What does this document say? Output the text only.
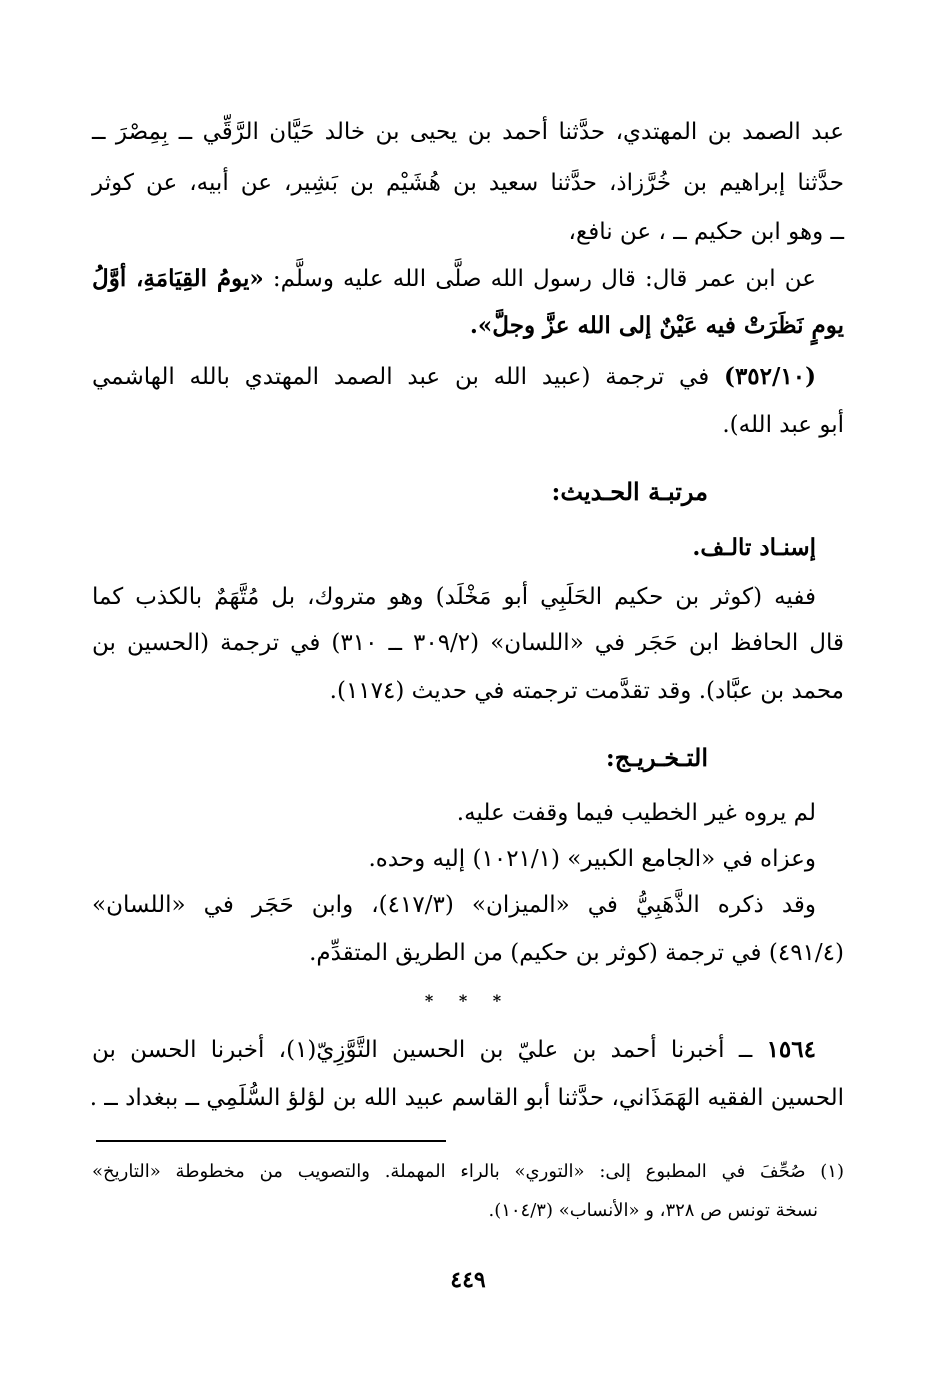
عبد الصمد بن المهتدي، حدَّثنا أحمد بن يحيى بن خالد حَيَّان الرَّقِّي ــ بِمِصْرَ ــ
حدَّثنا إبراهيم بن خُرَّزاذ، حدَّثنا سعيد بن هُشَيْم بن بَشِير، عن أبيه، عن كوثر
ــ وهو ابن حكيم ــ ، عن نافع،
عن ابن عمر قال: قال رسول الله صلَّى الله عليه وسلَّم: «يومُ القِيَامَةِ، أوَّلُ
يومٍ نَظَرَتْ فيه عَيْنٌ إلى الله عزَّ وجلَّ».
(٣٥٢/١٠) في ترجمة (عبيد الله بن عبد الصمد المهتدي بالله الهاشمي
أبو عبد الله).
مرتبـة الحـديث:
إسنـاد تالـف.
ففيه (كوثر بن حكيم الحَلَبِي أبو مَخْلَد) وهو متروك، بل مُتَّهَمٌ بالكذب كما
قال الحافظ ابن حَجَر في «اللسان» (٣٠٩/٢ ــ ٣١٠) في ترجمة (الحسين بن
محمد بن عبَّاد). وقد تقدَّمت ترجمته في حديث (١١٧٤).
التـخـريـج:
لم يروه غير الخطيب فيما وقفت عليه.
وعزاه في «الجامع الكبير» (١٠٢١/١) إليه وحده.
وقد ذكره الذَّهَبِيُّ في «الميزان» (٤١٧/٣)، وابن حَجَر في «اللسان»
(٤٩١/٤) في ترجمة (كوثر بن حكيم) من الطريق المتقدِّم.
* * *
١٥٦٤ ــ أخبرنا أحمد بن عليّ بن الحسين التَّوَّزِيّ(١)، أخبرنا الحسن بن
الحسين الفقيه الهَمَذَاني، حدَّثنا أبو القاسم عبيد الله بن لؤلؤ السُّلَمِي ــ ببغداد ــ .
(١) صُحِّفَ في المطبوع إلى: «التوري» بالراء المهملة. والتصويب من مخطوطة «التاريخ»
نسخة تونس ص ٣٢٨، و «الأنساب» (١٠٤/٣).
٤٤٩
